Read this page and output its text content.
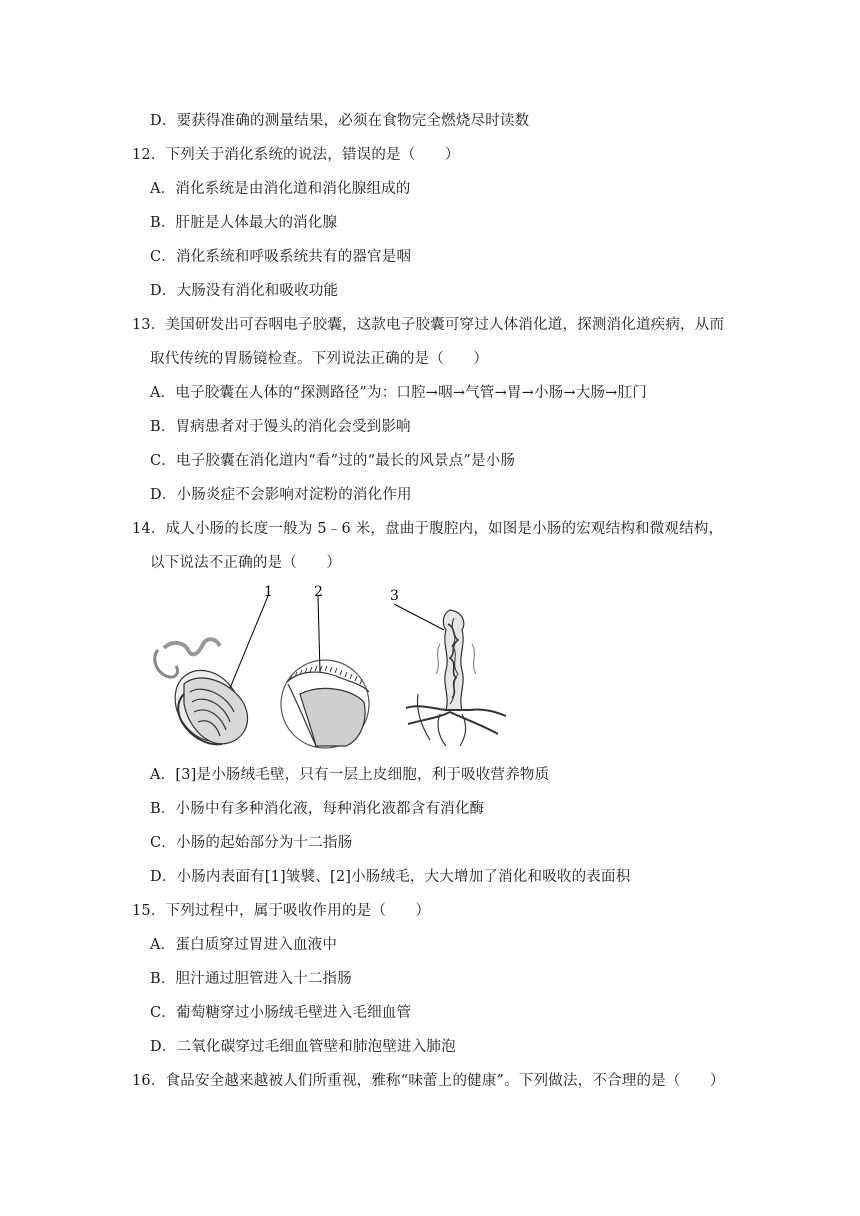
D．要获得准确的测量结果，必须在食物完全燃烧尽时读数
12．下列关于消化系统的说法，错误的是（　　）
A．消化系统是由消化道和消化腺组成的
B．肝脏是人体最大的消化腺
C．消化系统和呼吸系统共有的器官是咽
D．大肠没有消化和吸收功能
13．美国研发出可吞咽电子胶囊，这款电子胶囊可穿过人体消化道，探测消化道疾病，从而
取代传统的胃肠镜检查。下列说法正确的是（　　）
A．电子胶囊在人体的“探测路径”为：口腔→咽→气管→胃→小肠→大肠→肛门
B．胃病患者对于馒头的消化会受到影响
C．电子胶囊在消化道内“看”过的“最长的风景点”是小肠
D．小肠炎症不会影响对淀粉的消化作用
14．成人小肠的长度一般为 5﹣6 米，盘曲于腹腔内，如图是小肠的宏观结构和微观结构，
以下说法不正确的是（　　）
1	2	3
A．[3]是小肠绒毛壁，只有一层上皮细胞，利于吸收营养物质
B．小肠中有多种消化液，每种消化液都含有消化酶
C．小肠的起始部分为十二指肠
D．小肠内表面有[1]皱襞、[2]小肠绒毛，大大增加了消化和吸收的表面积
15．下列过程中，属于吸收作用的是（　　）
A．蛋白质穿过胃进入血液中
B．胆汁通过胆管进入十二指肠
C．葡萄糖穿过小肠绒毛壁进入毛细血管
D．二氧化碳穿过毛细血管壁和肺泡壁进入肺泡
16．食品安全越来越被人们所重视，雅称“味蕾上的健康”。下列做法，不合理的是（　　）
